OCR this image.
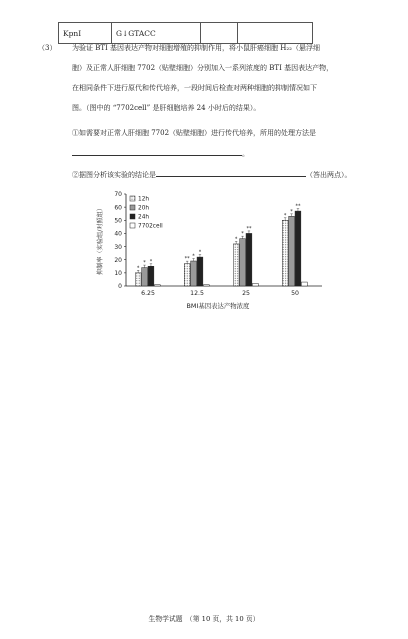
KpnI	G↓GTACC		
（3） 为验证 BTI 基因表达产物对细胞增殖的抑制作用，将小鼠肝癌细胞 H₂₂（悬浮细
胞）及正常人肝细胞 7702（贴壁细胞）分别加入一系列浓度的 BTI 基因表达产物，
在相同条件下进行原代和传代培养，一段时间后检查对两种细胞的抑制情况如下
图。（图中的 “7702cell” 是肝细胞培养 24 小时后的结果）。
①如需要对正常人肝细胞 7702（贴壁细胞）进行传代培养，所用的处理方法是
。
②据图分析该实验的结论是	（答出两点）。
0
10
20
30
40
50
60
70
抑制率（实验组/对照组）	*
* *
6.25
** *
*
12.5
*
*
**
25
*
*
**
50
BMI基因表达产物浓度
12h
20h
24h
7702cell
生物学试题　（第 10 页，共 10 页）
